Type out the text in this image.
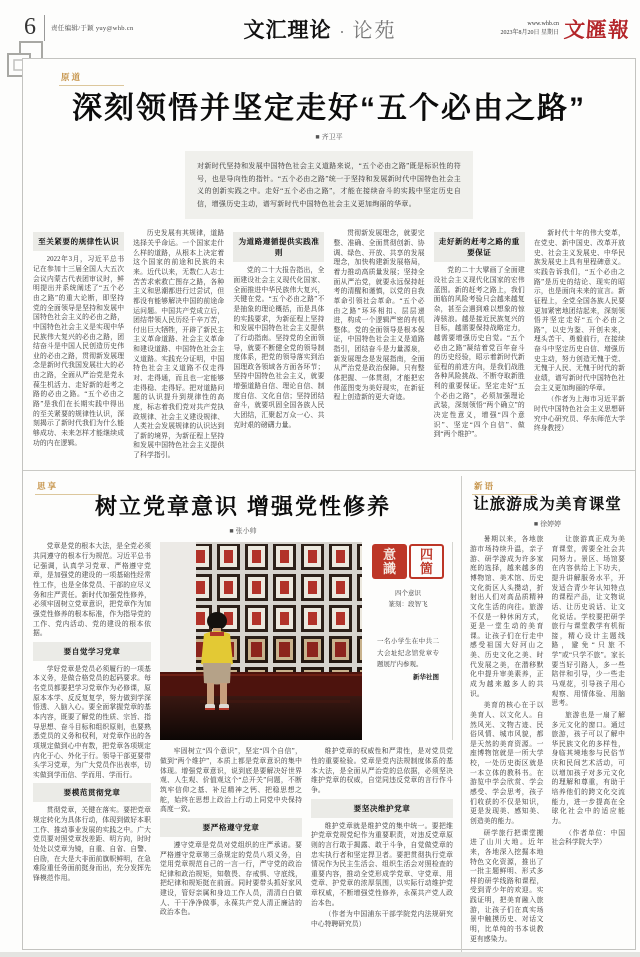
6 责任编辑/于颖 yuy@whb.cn	文汇理论 · 论苑	www.whb.cn
2023年8月20日 星期日 文匯報
原道
深刻领悟并坚定走好“五个必由之路”
■ 齐卫平
对新时代坚持和发展中国特色社会主义道路来说，“五个必由之路”既是标识性的符号，也是导向性的指针。“五个必由之路”统一于坚持和发展新时代中国特色社会主义的创新实践之中。走好“五个必由之路”，才能在接续奋斗的实践中坚定历史自信，增强历史主动，谱写新时代中国特色社会主义更加绚丽的华章。
至关紧要的规律性认识

2022年3月，习近平总书记在参加十三届全国人大五次会议内蒙古代表团审议时，鲜明提出并系统阐述了“五个必由之路”的重大论断，即坚持党的全面领导是坚持和发展中国特色社会主义的必由之路，中国特色社会主义是实现中华民族伟大复兴的必由之路，团结奋斗是中国人民创造历史伟业的必由之路，贯彻新发展理念是新时代我国发展壮大的必由之路，全面从严治党是党永葆生机活力、走好新的赶考之路的必由之路。“五个必由之路”是我们在长期实践中得出的至关紧要的规律性认识，深刻揭示了新时代我们为什么能够成功、未来怎样才能继续成功的内在逻辑。

历史发展有其规律，道路选择关乎命运。一个国家走什么样的道路，从根本上决定着这个国家的前途和民族的未来。近代以来，无数仁人志士苦苦求索救亡图存之路，各种主义和思潮都进行过尝试，但都没有能够解决中国的前途命运问题。中国共产党成立后，团结带领人民历经千辛万苦，付出巨大牺牲，开辟了新民主主义革命道路、社会主义革命和建设道路、中国特色社会主义道路。实践充分证明，中国特色社会主义道路不仅走得对、走得通，而且也一定能够走得稳、走得好。把对道路问题的认识提升到规律性的高度，标志着我们党对共产党执政规律、社会主义建设规律、人类社会发展规律的认识达到了新的境界，为新征程上坚持和发展中国特色社会主义提供了科学指引。

为道路遵循提供实践准则

党的二十大报告指出，全面建设社会主义现代化国家、全面推进中华民族伟大复兴，关键在党。“五个必由之路”不是抽象的理论概括，而是具体的实践要求，为新征程上坚持和发展中国特色社会主义提供了行动指南。坚持党的全面领导，就要不断健全党的领导制度体系，把党的领导落实到治国理政各领域各方面各环节；坚持中国特色社会主义，就要增强道路自信、理论自信、制度自信、文化自信；坚持团结奋斗，就要巩固全国各族人民大团结，汇聚起万众一心、共克时艰的磅礴力量。

贯彻新发展理念，就要完整、准确、全面贯彻创新、协调、绿色、开放、共享的发展理念，加快构建新发展格局，着力推动高质量发展；坚持全面从严治党，就要永远保持赶考的清醒和谨慎，以党的自我革命引领社会革命。“五个必由之路”环环相扣、层层递进，构成一个逻辑严密的有机整体。党的全面领导是根本保证，中国特色社会主义是道路指引，团结奋斗是力量源泉，新发展理念是发展指南，全面从严治党是政治保障。只有整体把握、一体贯彻，才能把宏伟蓝图变为美好现实，在新征程上创造新的更大奇迹。

走好新的赶考之路的重要保证

党的二十大擘画了全面建设社会主义现代化国家的宏伟蓝图。新的赶考之路上，我们面临的风险考验只会越来越复杂，甚至会遇到难以想象的惊涛骇浪。越是接近民族复兴的目标，越需要保持战略定力，越需要增强历史自觉。“五个必由之路”凝结着党百年奋斗的历史经验，昭示着新时代新征程的前进方向，是我们战胜各种风险挑战、不断夺取新胜利的重要保证。坚定走好“五个必由之路”，必须加强理论武装，深刻领悟“两个确立”的决定性意义，增强“四个意识”、坚定“四个自信”、做到“两个维护”。

新时代十年的伟大变革，在党史、新中国史、改革开放史、社会主义发展史、中华民族发展史上具有里程碑意义。实践告诉我们，“五个必由之路”是历史的结论、现实的昭示，也是面向未来的宣言。新征程上，全党全国各族人民要更加紧密地团结起来，深刻领悟并坚定走好“五个必由之路”，以史为鉴、开创未来，埋头苦干、勇毅前行，在接续奋斗中坚定历史自信、增强历史主动，努力创造无愧于党、无愧于人民、无愧于时代的新业绩，谱写新时代中国特色社会主义更加绚丽的华章。

（作者为上海市习近平新时代中国特色社会主义思想研究中心研究员、华东师范大学终身教授）

思享
树立党章意识 增强党性修养
■ 张小帅

党章是党的根本大法，是全党必须共同遵守的根本行为规范。习近平总书记强调，认真学习党章、严格遵守党章，是加强党的建设的一项基础性经常性工作，也是全体党员、干部的应尽义务和庄严责任。新时代加强党性修养，必须牢固树立党章意识，把党章作为加强党性修养的根本标准，作为指导党的工作、党内活动、党的建设的根本依据。

要自觉学习党章

学好党章是党员必须履行的一项基本义务，是做合格党员的起码要求。每名党员都要把学习党章作为必修课，原原本本学、反反复复学，努力做到学深悟透、入脑入心。要全面掌握党章的基本内容，既要了解党的性质、宗旨、指导思想、奋斗目标和组织原则，也要熟悉党员的义务和权利，对党章作出的各项规定做到心中有数，把党章各项规定内化于心、外化于行。领导干部更要带头学习党章，为广大党员作出表率，切实做到学而信、学而用、学而行。

要模范贯彻党章

贯彻党章，关键在落实。要把党章规定转化为具体行动，体现到做好本职工作、推动事业发展的实践之中。广大党员要对照党章找差距、明方向，时时处处以党章为镜，自重、自省、自警、自励，在大是大非面前旗帜鲜明，在急难险重任务面前挺身而出，充分发挥先锋模范作用。

意
識
四
箇
四个意识
篆刻：段智飞
一名小学生在中共二大会址纪念馆党章专题展厅内参观。
新华社图

牢固树立“四个意识”，坚定“四个自信”，做到“两个维护”，本质上都是党章意识的集中体现。增强党章意识，说到底是要解决好世界观、人生观、价值观这个“总开关”问题，不断筑牢信仰之基、补足精神之钙、把稳思想之舵，始终在思想上政治上行动上同党中央保持高度一致。

要严格遵守党章

遵守党章是党员对党组织的庄严承诺。要严格遵守党章第三条规定的党员八项义务，自觉用党章规范自己的一言一行，严守党的政治纪律和政治规矩，知敬畏、存戒惧、守底线，把纪律和规矩挺在前面。同时要带头抓好家风建设，管好亲属和身边工作人员，清清白白做人、干干净净做事，永葆共产党人清正廉洁的政治本色。

维护党章的权威性和严肃性，是对党员党性的重要检验。党章是党内法规制度体系的基本大法，是全面从严治党的总依据，必须坚决维护党章的权威，自觉同违反党章的言行作斗争。

要坚决维护党章

维护党章就是维护党的集中统一。要把维护党章党规党纪作为重要职责，对违反党章原则的言行敢于揭露、敢于斗争，自觉做党章的忠实执行者和坚定捍卫者。要把贯彻执行党章情况作为民主生活会、组织生活会对照检查的重要内容，推动全党形成学党章、守党章、用党章、护党章的浓厚氛围，以实际行动维护党章权威，不断增强党性修养，永葆共产党人政治本色。

（作者为中国浦东干部学院党内法规研究中心特聘研究员）

新语
让旅游成为美育课堂
■ 徐婷婷

暑期以来，各地旅游市场持续升温，亲子游、研学游成为许多家庭的选择，越来越多的博物馆、美术馆、历史文化街区人头攒动，折射出人们对高品质精神文化生活的向往。旅游不仅是一种休闲方式，更是一堂生动的美育课。让孩子们在行走中感受祖国大好河山之美、历史文化之美、时代发展之美，在潜移默化中提升审美素养，正成为越来越多人的共识。

美育的核心在于以美育人、以文化人。自然风光、文物古迹、民俗风情、城市风貌，都是天然的美育资源。一座博物馆就是一所大学校，一处历史街区就是一本立体的教科书。在游览中学会欣赏、学会感受、学会思考，孩子们收获的不仅是知识，更是发现美、感知美、创造美的能力。

研学旅行把课堂搬进了山川大地。近年来，各地深入挖掘本地特色文化资源，推出了一批主题鲜明、形式多样的研学线路和课程，受到青少年的欢迎。实践证明，把美育融入旅游，让孩子们在真实场景中触摸历史、对话文明，比单纯的书本说教更有感染力。

让旅游真正成为美育课堂，需要全社会共同努力。景区、场馆要在内容供给上下功夫，提升讲解服务水平，开发适合青少年认知特点的课程产品，让文物说话、让历史说话、让文化说话。学校要把研学旅行与课堂教学有机衔接，精心设计主题线路，避免“只旅不学”或“只学不旅”。家长要当好引路人，多一些陪伴和引导，少一些走马观花，引导孩子用心观察、用情体验、用脑思考。

旅游也是一扇了解多元文化的窗口。通过旅游，孩子可以了解中华民族文化的多样性，身临其境地参与民俗节庆和民间艺术活动，可以增加孩子对多元文化的理解和尊重，有助于培养他们的跨文化交流能力，进一步提高在全球化社会中的适应能力。

（作者单位：中国社会科学院大学）
